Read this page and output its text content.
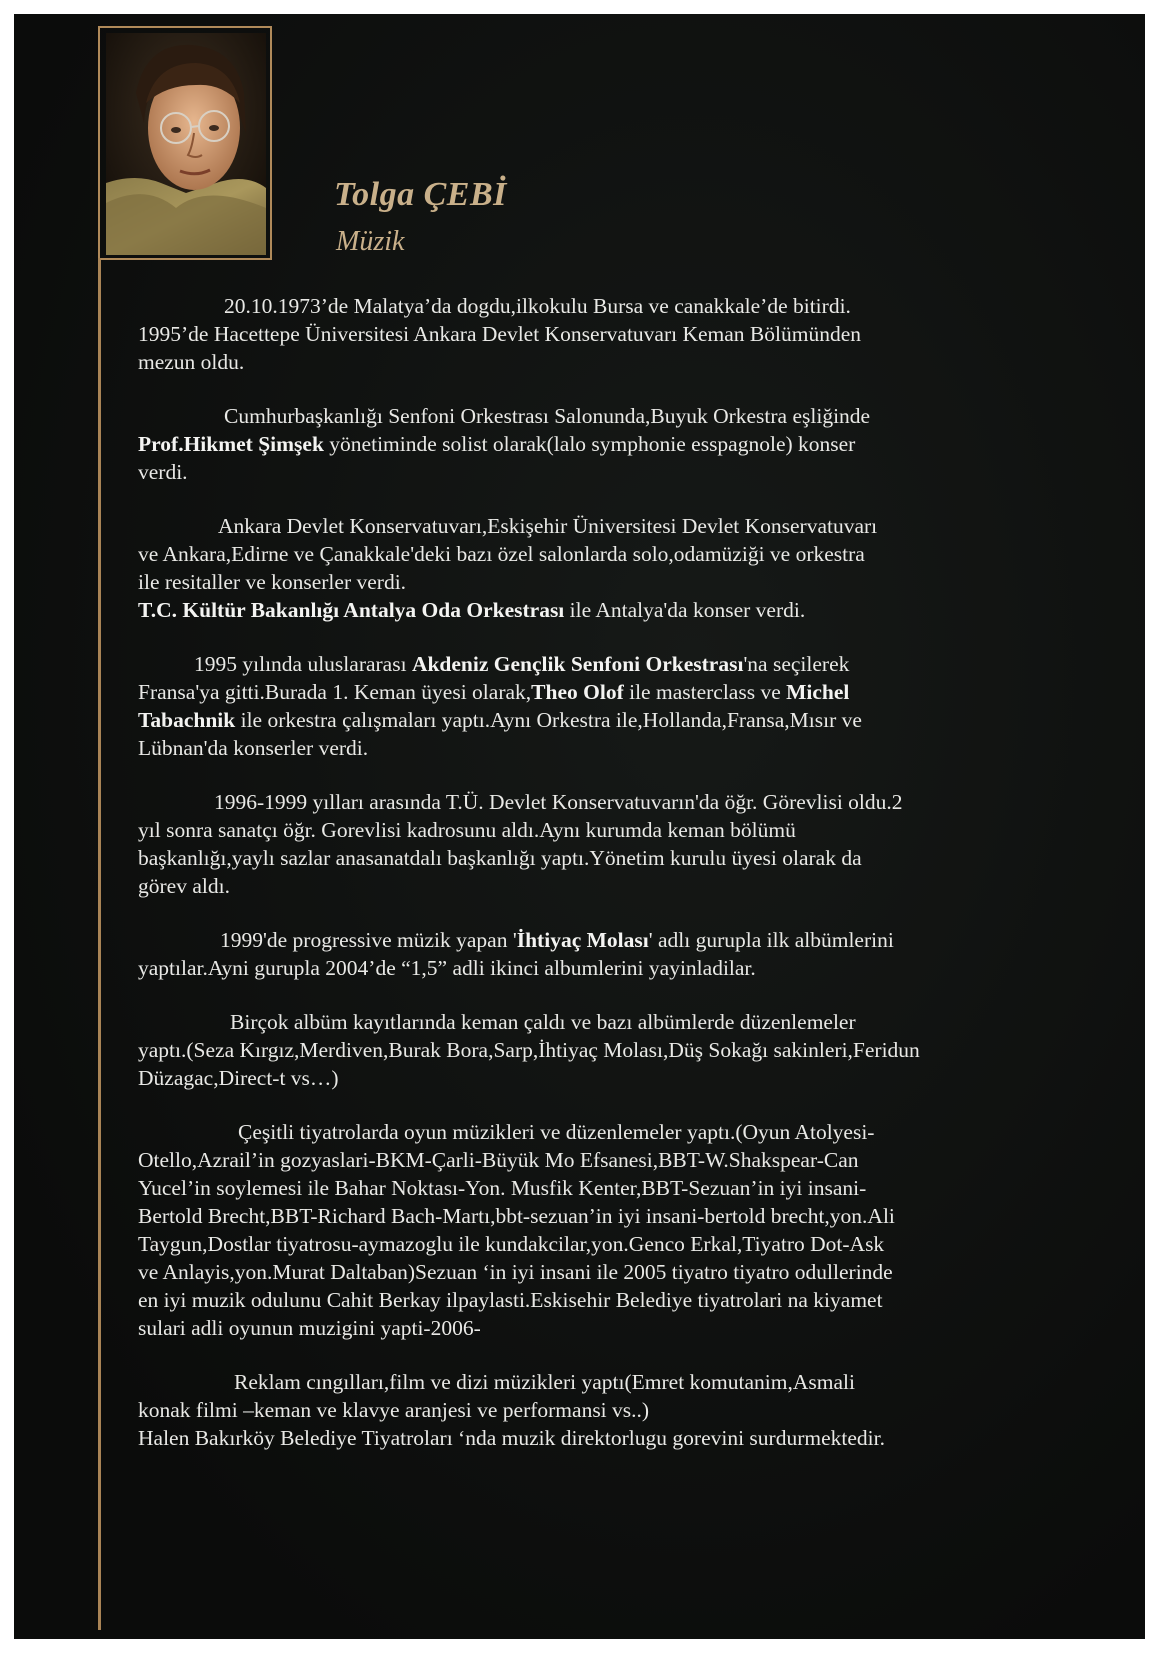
Tolga ÇEBİ
Müzik

20.10.1973’de Malatya’da dogdu,ilkokulu Bursa ve canakkale’de bitirdi.
1995’de Hacettepe Üniversitesi Ankara Devlet Konservatuvarı Keman Bölümünden
mezun oldu.

Cumhurbaşkanlığı Senfoni Orkestrası Salonunda,Buyuk Orkestra eşliğinde
Prof.Hikmet Şimşek yönetiminde solist olarak(lalo symphonie esspagnole) konser
verdi.

Ankara Devlet Konservatuvarı,Eskişehir Üniversitesi Devlet Konservatuvarı
ve Ankara,Edirne ve Çanakkale'deki bazı özel salonlarda solo,odamüziği ve orkestra
ile resitaller ve konserler verdi.
T.C. Kültür Bakanlığı Antalya Oda Orkestrası ile Antalya'da konser verdi.

1995 yılında uluslararası Akdeniz Gençlik Senfoni Orkestrası'na seçilerek
Fransa'ya gitti.Burada 1. Keman üyesi olarak,Theo Olof ile masterclass ve Michel
Tabachnik ile orkestra çalışmaları yaptı.Aynı Orkestra ile,Hollanda,Fransa,Mısır ve
Lübnan'da konserler verdi.

1996-1999 yılları arasında T.Ü. Devlet Konservatuvarın'da öğr. Görevlisi oldu.2
yıl sonra sanatçı öğr. Gorevlisi kadrosunu aldı.Aynı kurumda keman bölümü
başkanlığı,yaylı sazlar anasanatdalı başkanlığı yaptı.Yönetim kurulu üyesi olarak da
görev aldı.

1999'de progressive müzik yapan 'İhtiyaç Molası' adlı gurupla ilk albümlerini
yaptılar.Ayni gurupla 2004’de “1,5” adli ikinci albumlerini yayinladilar.

Birçok albüm kayıtlarında keman çaldı ve bazı albümlerde düzenlemeler
yaptı.(Seza Kırgız,Merdiven,Burak Bora,Sarp,İhtiyaç Molası,Düş Sokağı sakinleri,Feridun
Düzagac,Direct-t vs…)

Çeşitli tiyatrolarda oyun müzikleri ve düzenlemeler yaptı.(Oyun Atolyesi-
Otello,Azrail’in gozyaslari-BKM-Çarli-Büyük Mo Efsanesi,BBT-W.Shakspear-Can
Yucel’in soylemesi ile Bahar Noktası-Yon. Musfik Kenter,BBT-Sezuan’in iyi insani-
Bertold Brecht,BBT-Richard Bach-Martı,bbt-sezuan’in iyi insani-bertold brecht,yon.Ali
Taygun,Dostlar tiyatrosu-aymazoglu ile kundakcilar,yon.Genco Erkal,Tiyatro Dot-Ask
ve Anlayis,yon.Murat Daltaban)Sezuan ‘in iyi insani ile 2005 tiyatro tiyatro odullerinde
en iyi muzik odulunu Cahit Berkay ilpaylasti.Eskisehir Belediye tiyatrolari na kiyamet
sulari adli oyunun muzigini yapti-2006-

Reklam cıngılları,film ve dizi müzikleri yaptı(Emret komutanim,Asmali
konak filmi –keman ve klavye aranjesi ve performansi vs..)
Halen Bakırköy Belediye Tiyatroları ‘nda muzik direktorlugu gorevini surdurmektedir.
